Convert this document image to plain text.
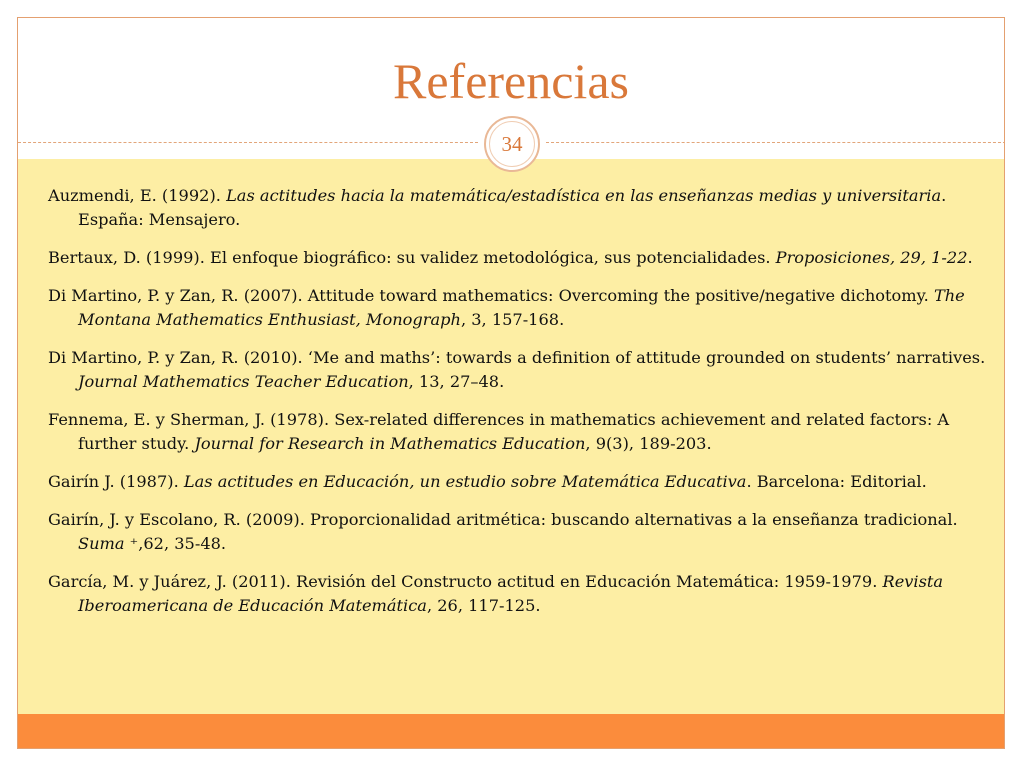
Referencias
34

Auzmendi, E. (1992). Las actitudes hacia la matemática/estadística en las enseñanzas medias y universitaria. España: Mensajero.

Bertaux, D. (1999). El enfoque biográfico: su validez metodológica, sus potencialidades. Proposiciones, 29, 1-22.

Di Martino, P. y Zan, R. (2007). Attitude toward mathematics: Overcoming the positive/negative dichotomy. The Montana Mathematics Enthusiast, Monograph, 3, 157-168.

Di Martino, P. y Zan, R. (2010). ‘Me and maths’: towards a definition of attitude grounded on students’ narratives. Journal Mathematics Teacher Education, 13, 27–48.

Fennema, E. y Sherman, J. (1978). Sex-related differences in mathematics achievement and related factors: A further study. Journal for Research in Mathematics Education, 9(3), 189-203.

Gairín J. (1987). Las actitudes en Educación, un estudio sobre Matemática Educativa. Barcelona: Editorial.

Gairín, J. y Escolano, R. (2009). Proporcionalidad aritmética: buscando alternativas a la enseñanza tradicional. Suma ⁺,62, 35-48.

García, M. y Juárez, J. (2011). Revisión del Constructo actitud en Educación Matemática: 1959-1979. Revista Iberoamericana de Educación Matemática, 26, 117-125.
